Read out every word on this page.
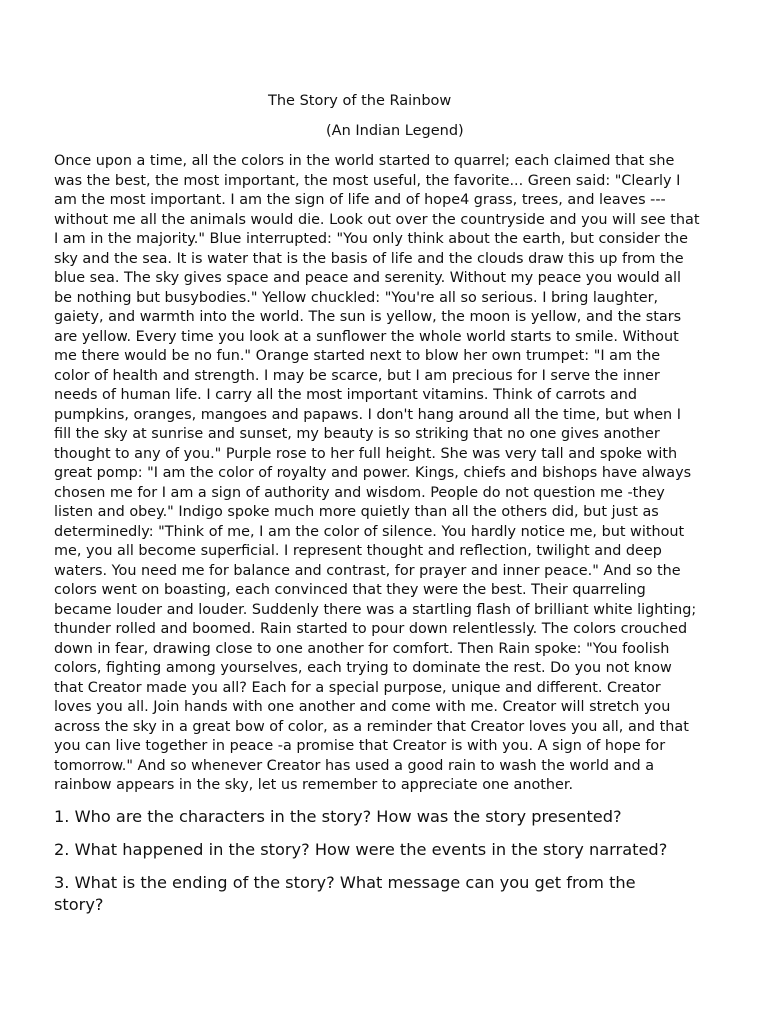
The Story of the Rainbow
(An Indian Legend)

Once upon a time, all the colors in the world started to quarrel; each claimed that she
was the best, the most important, the most useful, the favorite... Green said: "Clearly I
am the most important. I am the sign of life and of hope4 grass, trees, and leaves ---
without me all the animals would die. Look out over the countryside and you will see that
I am in the majority." Blue interrupted: "You only think about the earth, but consider the
sky and the sea. It is water that is the basis of life and the clouds draw this up from the
blue sea. The sky gives space and peace and serenity. Without my peace you would all
be nothing but busybodies." Yellow chuckled: "You're all so serious. I bring laughter,
gaiety, and warmth into the world. The sun is yellow, the moon is yellow, and the stars
are yellow. Every time you look at a sunflower the whole world starts to smile. Without
me there would be no fun." Orange started next to blow her own trumpet: "I am the
color of health and strength. I may be scarce, but I am precious for I serve the inner
needs of human life. I carry all the most important vitamins. Think of carrots and
pumpkins, oranges, mangoes and papaws. I don't hang around all the time, but when I
fill the sky at sunrise and sunset, my beauty is so striking that no one gives another
thought to any of you." Purple rose to her full height. She was very tall and spoke with
great pomp: "I am the color of royalty and power. Kings, chiefs and bishops have always
chosen me for I am a sign of authority and wisdom. People do not question me -they
listen and obey." Indigo spoke much more quietly than all the others did, but just as
determinedly: "Think of me, I am the color of silence. You hardly notice me, but without
me, you all become superficial. I represent thought and reflection, twilight and deep
waters. You need me for balance and contrast, for prayer and inner peace." And so the
colors went on boasting, each convinced that they were the best. Their quarreling
became louder and louder. Suddenly there was a startling flash of brilliant white lighting;
thunder rolled and boomed. Rain started to pour down relentlessly. The colors crouched
down in fear, drawing close to one another for comfort. Then Rain spoke: "You foolish
colors, fighting among yourselves, each trying to dominate the rest. Do you not know
that Creator made you all? Each for a special purpose, unique and different. Creator
loves you all. Join hands with one another and come with me. Creator will stretch you
across the sky in a great bow of color, as a reminder that Creator loves you all, and that
you can live together in peace -a promise that Creator is with you. A sign of hope for
tomorrow." And so whenever Creator has used a good rain to wash the world and a
rainbow appears in the sky, let us remember to appreciate one another.

1. Who are the characters in the story? How was the story presented?
2. What happened in the story? How were the events in the story narrated?
3. What is the ending of the story? What message can you get from the
story?
